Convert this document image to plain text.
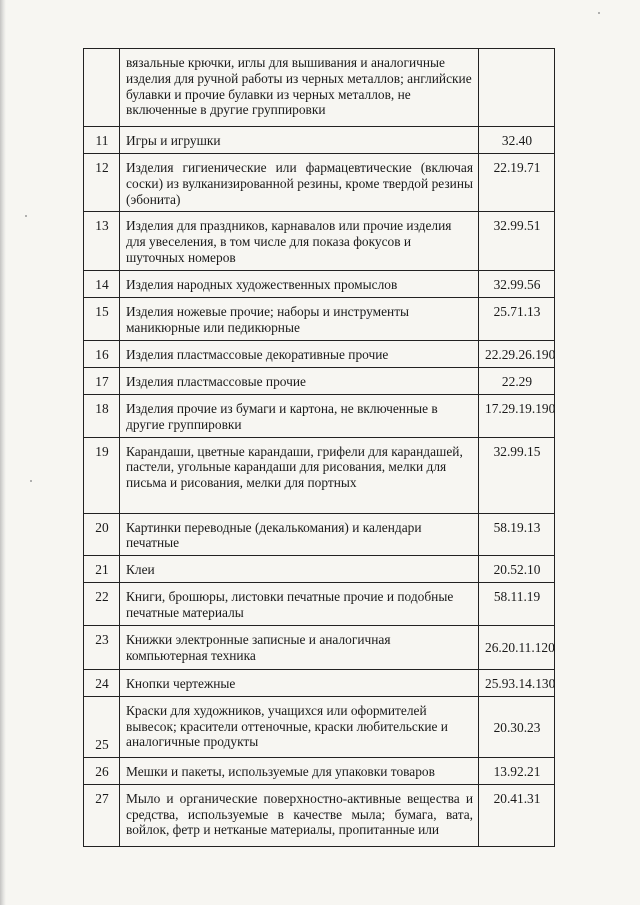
	вязальные крючки, иглы для вышивания и аналогичные изделия для ручной работы из черных металлов; английские булавки и прочие булавки из черных металлов, не включенные в другие группировки	
11	Игры и игрушки	32.40
12	Изделия гигиенические или фармацевтические (включая соски) из вулканизированной резины, кроме твердой резины (эбонита)	22.19.71
13	Изделия для праздников, карнавалов или прочие изделия для увеселения, в том числе для показа фокусов и шуточных номеров	32.99.51
14	Изделия народных художественных промыслов	32.99.56
15	Изделия ножевые прочие; наборы и инструменты маникюрные или педикюрные	25.71.13
16	Изделия пластмассовые декоративные прочие	22.29.26.190
17	Изделия пластмассовые прочие	22.29
18	Изделия прочие из бумаги и картона, не включенные в другие группировки	17.29.19.190
19	Карандаши, цветные карандаши, грифели для карандашей, пастели, угольные карандаши для рисования, мелки для письма и рисования, мелки для портных	32.99.15
20	Картинки переводные (декалькомания) и календари печатные	58.19.13
21	Клеи	20.52.10
22	Книги, брошюры, листовки печатные прочие и подобные печатные материалы	58.11.19
23	Книжки электронные записные и аналогичная компьютерная техника	26.20.11.120
24	Кнопки чертежные	25.93.14.130
25	Краски для художников, учащихся или оформителей вывесок; красители оттеночные, краски любительские и аналогичные продукты	20.30.23
26	Мешки и пакеты, используемые для упаковки товаров	13.92.21
27	Мыло и органические поверхностно-активные вещества и средства, используемые в качестве мыла; бумага, вата, войлок, фетр и нетканые материалы, пропитанные или	20.41.31
